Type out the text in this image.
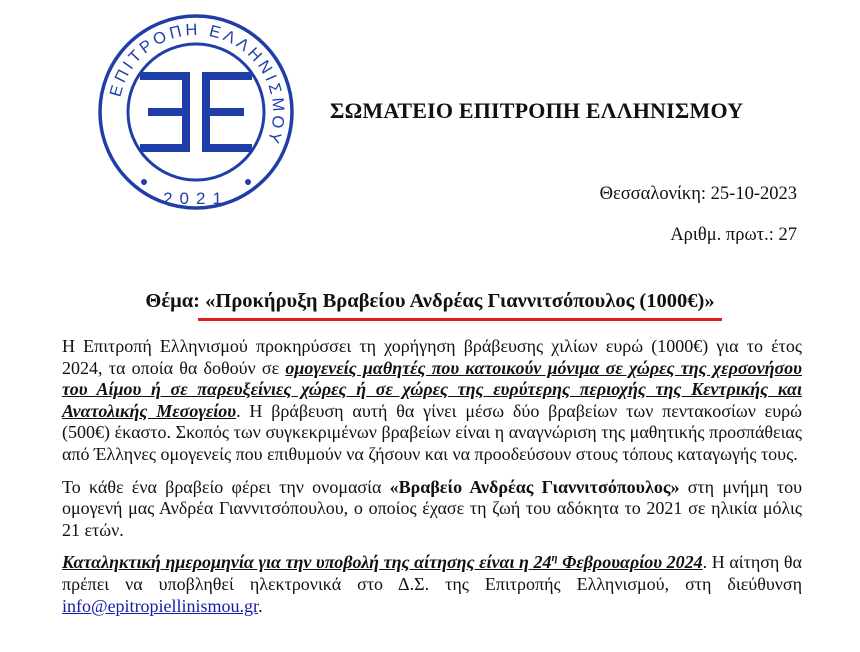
ΕΠΙΤΡΟΠΗ ΕΛΛΗΝΙΣΜΟΥ
2021
ΣΩΜΑΤΕΙΟ ΕΠΙΤΡΟΠΗ ΕΛΛΗΝΙΣΜΟΥ
Θεσσαλονίκη: 25-10-2023
Αριθμ. πρωτ.: 27
Θέμα: «Προκήρυξη Βραβείου Ανδρέας Γιαννιτσόπουλος (1000€)»

Η Επιτροπή Ελληνισμού προκηρύσσει τη χορήγηση βράβευσης χιλίων ευρώ (1000€) για το έτος 2024, τα οποία θα δοθούν σε ομογενείς μαθητές που κατοικούν μόνιμα σε χώρες της χερσονήσου του Αίμου ή σε παρευξείνιες χώρες ή σε χώρες της ευρύτερης περιοχής της Κεντρικής και Ανατολικής Μεσογείου. Η βράβευση αυτή θα γίνει μέσω δύο βραβείων των πεντακοσίων ευρώ (500€) έκαστο. Σκοπός των συγκεκριμένων βραβείων είναι η αναγνώριση της μαθητικής προσπάθειας από Έλληνες ομογενείς που επιθυμούν να ζήσουν και να προοδεύσουν στους τόπους καταγωγής τους.

Το κάθε ένα βραβείο φέρει την ονομασία «Βραβείο Ανδρέας Γιαννιτσόπουλος» στη μνήμη του ομογενή μας Ανδρέα Γιαννιτσόπουλου, ο οποίος έχασε τη ζωή του αδόκητα το 2021 σε ηλικία μόλις 21 ετών.

Καταληκτική ημερομηνία για την υποβολή της αίτησης είναι η $24^\eta$ Φεβρουαρίου 2024. Η αίτηση θα πρέπει να υποβληθεί ηλεκτρονικά στο Δ.Σ. της Επιτροπής Ελληνισμού, στη διεύθυνση info@epitropiellinismou.gr.
